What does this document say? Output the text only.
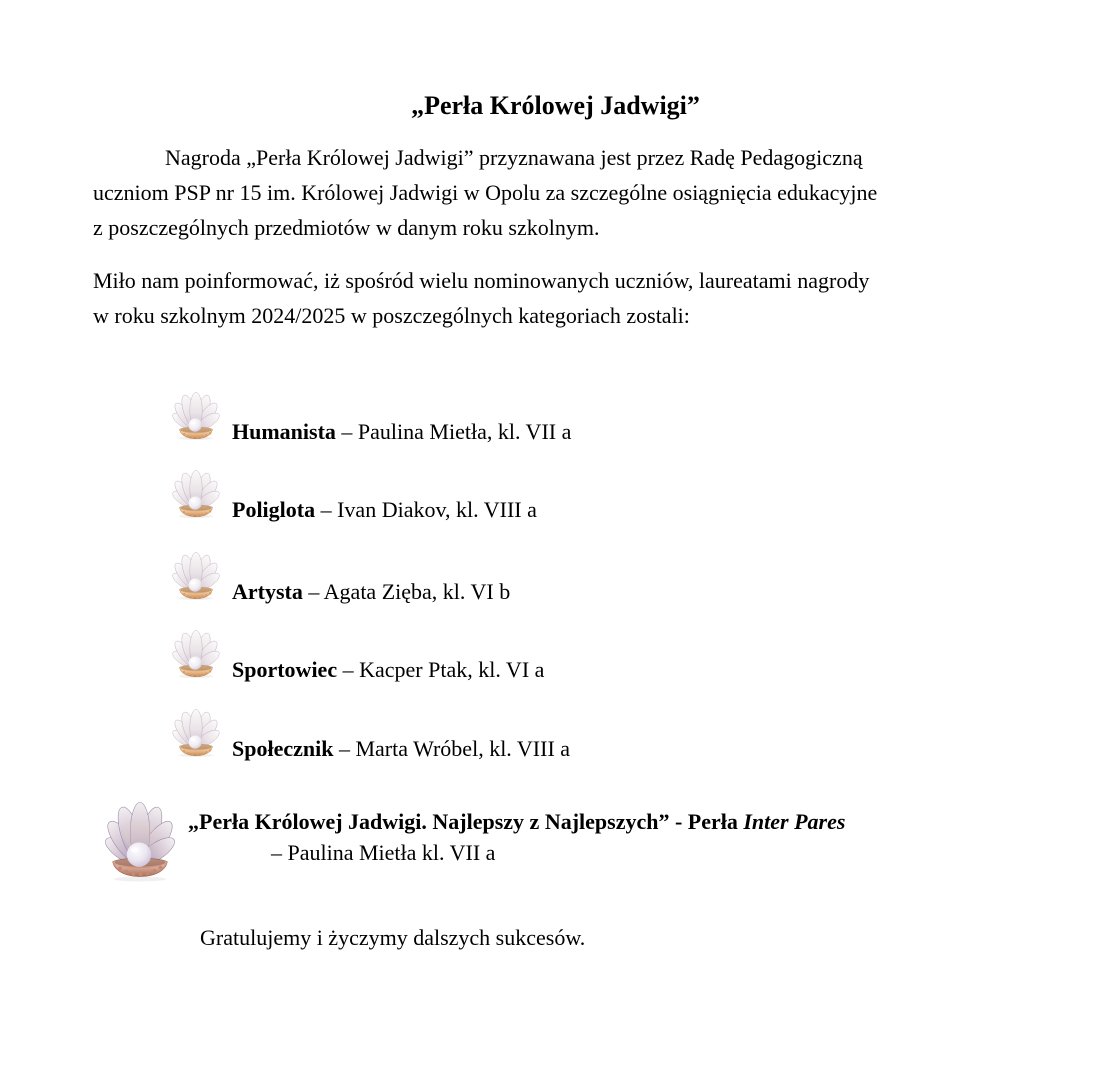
„Perła Królowej Jadwigi”
Nagroda „Perła Królowej Jadwigi” przyznawana jest przez Radę Pedagogiczną
uczniom PSP nr 15 im. Królowej Jadwigi w Opolu za szczególne osiągnięcia edukacyjne
z poszczególnych przedmiotów w danym roku szkolnym.
Miło nam poinformować, iż spośród wielu nominowanych uczniów, laureatami nagrody
w roku szkolnym 2024/2025 w poszczególnych kategoriach zostali:
Humanista – Paulina Mietła, kl. VII a
Poliglota – Ivan Diakov, kl. VIII a
Artysta – Agata Zięba, kl. VI b
Sportowiec – Kacper Ptak, kl. VI a
Społecznik – Marta Wróbel, kl. VIII a
„Perła Królowej Jadwigi. Najlepszy z Najlepszych” - Perła Inter Pares
– Paulina Mietła kl. VII a
Gratulujemy i życzymy dalszych sukcesów.
